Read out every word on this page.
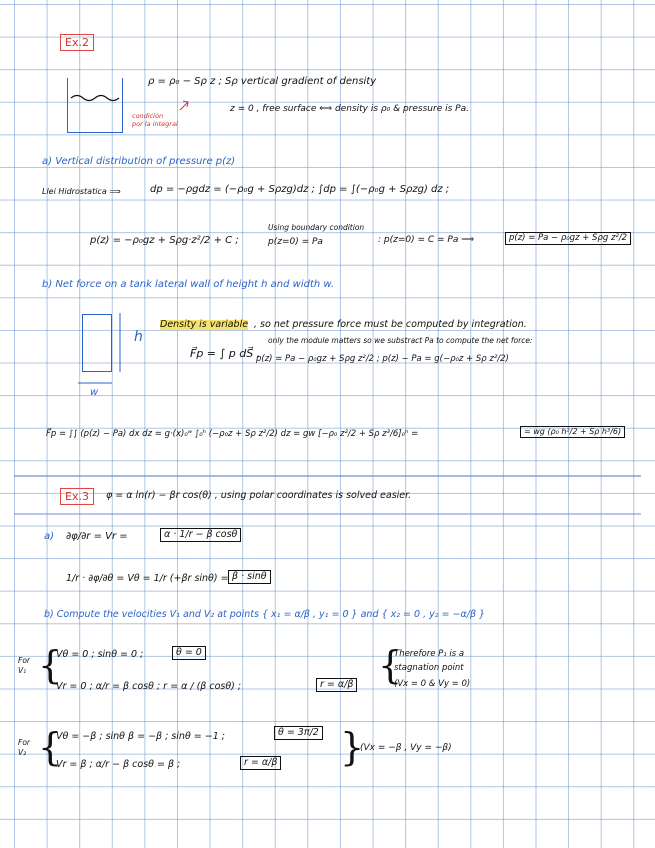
Ex.2
ρ = ρ₀ − Sρ z ; Sρ vertical gradient of density
z = 0 , free surface ⟺ density is ρ₀ & pressure is Pa.
condición
por la integral
a) Vertical distribution of pressure p(z)
Llei Hidrostatica ⟹	dp = −ρgdz = (−ρ₀g + Sρzg)dz ; ∫dp = ∫(−ρ₀g + Sρzg) dz ;
p(z) = −ρ₀gz + Sρg·z²/2 + C ;
Using boundary condition
p(z=0) = Pa	: p(z=0) = C = Pa ⟹	p(z) = Pa − ρ₀gz + Sρg z²/2
b) Net force on a tank lateral wall of height h and width w.
h
w
Density is variable , so net pressure force must be computed by integration.
F⃗p = ∫ p dS⃗ ,
only the module matters so we substract Pa to compute the net force:
p(z) = Pa − ρ₀gz + Sρg z²/2 ; p(z) − Pa = g(−ρ₀z + Sρ z²/2)
F⃗p = ∫∫ (p(z) − Pa) dx dz = g·(x)₀ʷ ∫₀ʰ (−ρ₀z + Sρ z²/2) dz = gw [−ρ₀ z²/2 + Sρ z³/6]₀ʰ =	= wg (ρ₀ h²/2 + Sρ h³/6)
Ex.3	φ = α ln(r) − βr cos(θ) , using polar coordinates is solved easier.
a) ∂φ/∂r = Vr =	α · 1/r − β cosθ
1/r · ∂φ/∂θ = Vθ = 1/r (+βr sinθ) = β · sinθ
b) Compute the velocities V₁ and V₂ at points { x₁ = α/β , y₁ = 0 } and { x₂ = 0 , y₂ = −α/β }
For
V₁ {
Vθ = 0 ; sinθ = 0 ;	θ = 0
Vr = 0 ; α/r = β cosθ ; r = α / (β cosθ) ;	r = α/β {
Therefore P₁ is a
stagnation point
(Vx = 0 & Vy = 0)
For
V₂ {
Vθ = −β ; sinθ β = −β ; sinθ = −1 ;	θ = 3π/2
Vr = β ; α/r − β cosθ = β ;	r = α/β }
(Vx = −β , Vy = −β)
